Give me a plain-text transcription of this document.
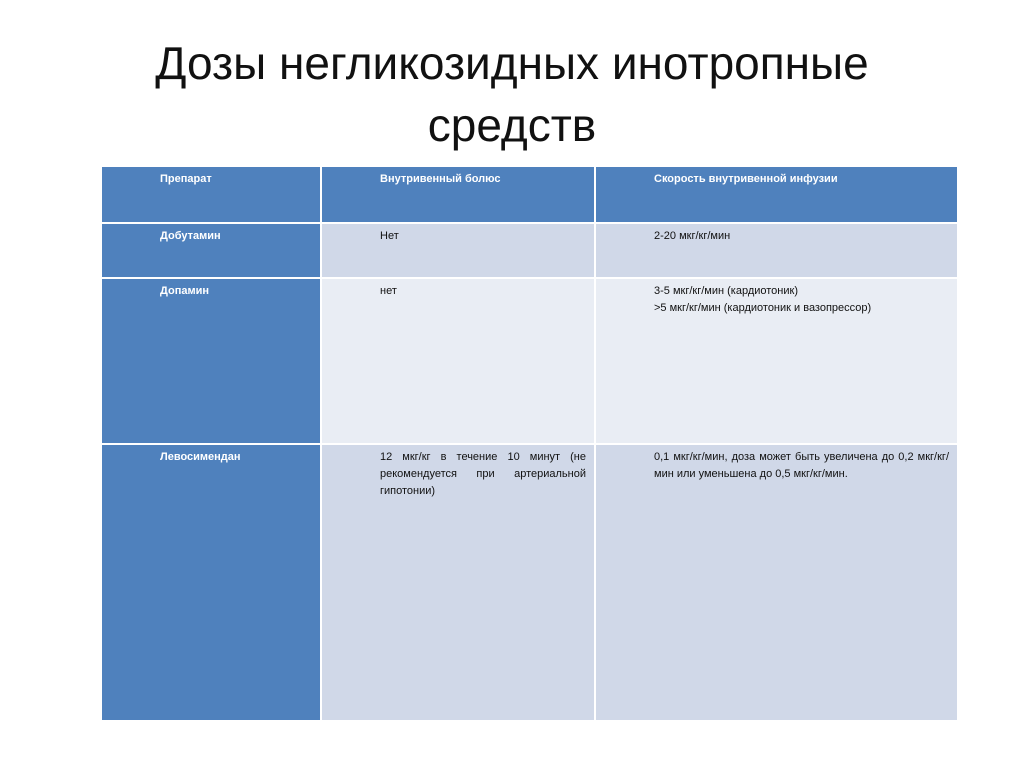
Дозы негликозидных инотропные
средств
Препарат	Внутривенный болюс	Скорость внутривенной инфузии
Добутамин	Нет	2-20 мкг/кг/мин

Допамин	нет	3-5 мкг/кг/мин (кардиотоник)
>5 мкг/кг/мин (кардиотоник и вазопрессор)

Левосимендан	12 мкг/кг в течение 10 минут (не рекомендуется при артериальной гипотонии)	0,1 мкг/кг/мин, доза может быть увеличена до 0,2 мкг/кг/мин или уменьшена до 0,5 мкг/кг/мин.
